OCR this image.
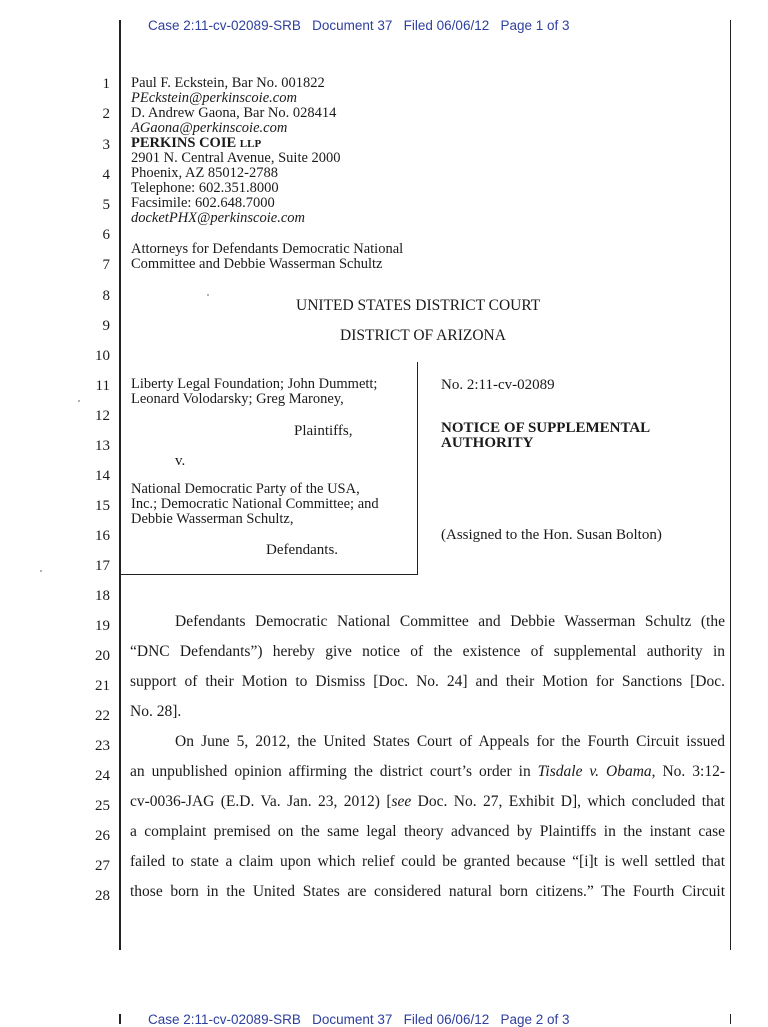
Case 2:11-cv-02089-SRB Document 37 Filed 06/06/12 Page 1 of 3
1
2
3
4
5
6
7
8
9
10
11
12
13
14
15
16
17
18
19
20
21
22
23
24
25
26
27
28
Paul F. Eckstein, Bar No. 001822
PEckstein@perkinscoie.com
D. Andrew Gaona, Bar No. 028414
AGaona@perkinscoie.com
PERKINS COIE LLP
2901 N. Central Avenue, Suite 2000
Phoenix, AZ 85012-2788
Telephone: 602.351.8000
Facsimile: 602.648.7000
docketPHX@perkinscoie.com
Attorneys for Defendants Democratic National
Committee and Debbie Wasserman Schultz
UNITED STATES DISTRICT COURT
DISTRICT OF ARIZONA
Liberty Legal Foundation; John Dummett;
Leonard Volodarsky; Greg Maroney,
Plaintiffs,
v.
National Democratic Party of the USA,
Inc.; Democratic National Committee; and
Debbie Wasserman Schultz,
Defendants.
No. 2:11-cv-02089
NOTICE OF SUPPLEMENTAL
AUTHORITY
(Assigned to the Hon. Susan Bolton)
Defendants Democratic National Committee and Debbie Wasserman Schultz (the
“DNC Defendants”) hereby give notice of the existence of supplemental authority in
support of their Motion to Dismiss [Doc. No. 24] and their Motion for Sanctions [Doc.
No. 28].
On June 5, 2012, the United States Court of Appeals for the Fourth Circuit issued
an unpublished opinion affirming the district court’s order in Tisdale v. Obama, No. 3:12-
cv-0036-JAG (E.D. Va. Jan. 23, 2012) [see Doc. No. 27, Exhibit D], which concluded that
a complaint premised on the same legal theory advanced by Plaintiffs in the instant case
failed to state a claim upon which relief could be granted because “[i]t is well settled that
those born in the United States are considered natural born citizens.” The Fourth Circuit
Case 2:11-cv-02089-SRB Document 37 Filed 06/06/12 Page 2 of 3
